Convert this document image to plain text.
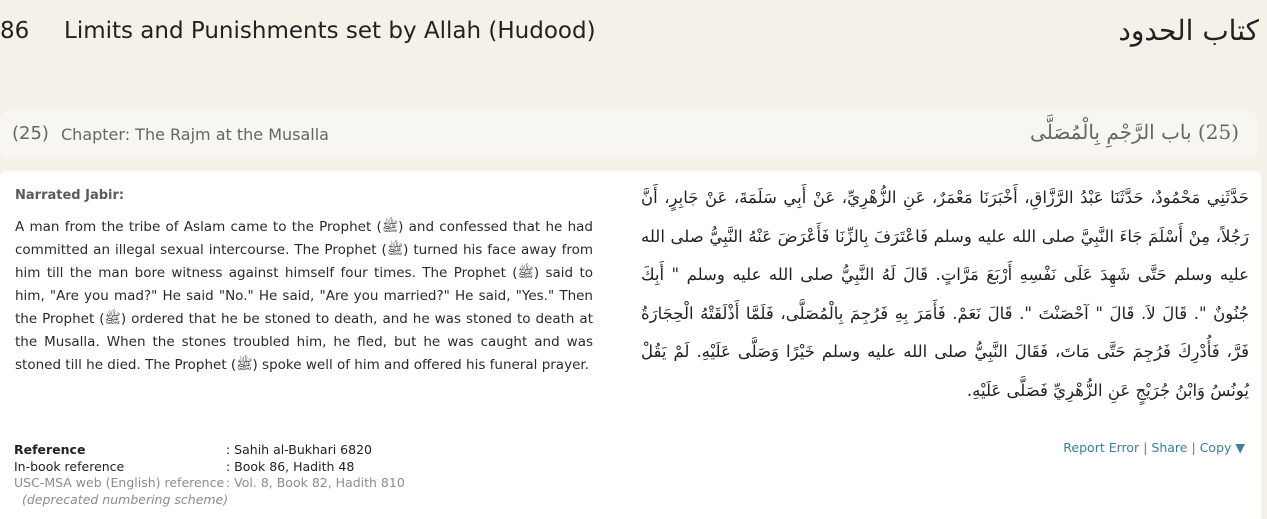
86 Limits and Punishments set by Allah (Hudood)	كتاب الحدود
(25) Chapter: The Rajm at the Musalla	(25) باب الرَّجْمِ بِالْمُصَلَّى
Narrated Jabir:
A man from the tribe of Aslam came to the Prophet (ﷺ) and confessed that he had committed an illegal sexual intercourse. The Prophet (ﷺ) turned his face away from him till the man bore witness against himself four times. The Prophet (ﷺ) said to him, "Are you mad?" He said "No." He said, "Are you married?" He said, "Yes." Then the Prophet (ﷺ) ordered that he be stoned to death, and he was stoned to death at the Musalla. When the stones troubled him, he fled, but he was caught and was stoned till he died. The Prophet (ﷺ) spoke well of him and offered his funeral prayer.
حَدَّثَنِي مَحْمُودٌ، حَدَّثَنَا عَبْدُ الرَّزَّاقِ، أَخْبَرَنَا مَعْمَرٌ، عَنِ الزُّهْرِيِّ، عَنْ أَبِي سَلَمَةَ، عَنْ جَابِرٍ، أَنَّ رَجُلاً، مِنْ أَسْلَمَ جَاءَ النَّبِيَّ صلى الله عليه وسلم فَاعْتَرَفَ بِالزِّنَا فَأَعْرَضَ عَنْهُ النَّبِيُّ صلى الله عليه وسلم حَتَّى شَهِدَ عَلَى نَفْسِهِ أَرْبَعَ مَرَّاتٍ‏.‏ قَالَ لَهُ النَّبِيُّ صلى الله عليه وسلم ‏"‏ أَبِكَ جُنُونٌ ‏"‏‏.‏ قَالَ لاَ‏.‏ قَالَ ‏"‏ آحْصَنْتَ ‏"‏‏.‏ قَالَ نَعَمْ‏.‏ فَأَمَرَ بِهِ فَرُجِمَ بِالْمُصَلَّى، فَلَمَّا أَذْلَقَتْهُ الْحِجَارَةُ فَرَّ، فَأُدْرِكَ فَرُجِمَ حَتَّى مَاتَ، فَقَالَ النَّبِيُّ صلى الله عليه وسلم خَيْرًا وَصَلَّى عَلَيْهِ‏.‏ لَمْ يَقُلْ يُونُسُ وَابْنُ جُرَيْجٍ عَنِ الزُّهْرِيِّ فَصَلَّى عَلَيْهِ‏.
Reference	: Sahih al-Bukhari 6820
In-book reference	: Book 86, Hadith 48
USC-MSA web (English) reference	: Vol. 8, Book 82, Hadith 810
(deprecated numbering scheme)	
Report Error | Share | Copy ▼
